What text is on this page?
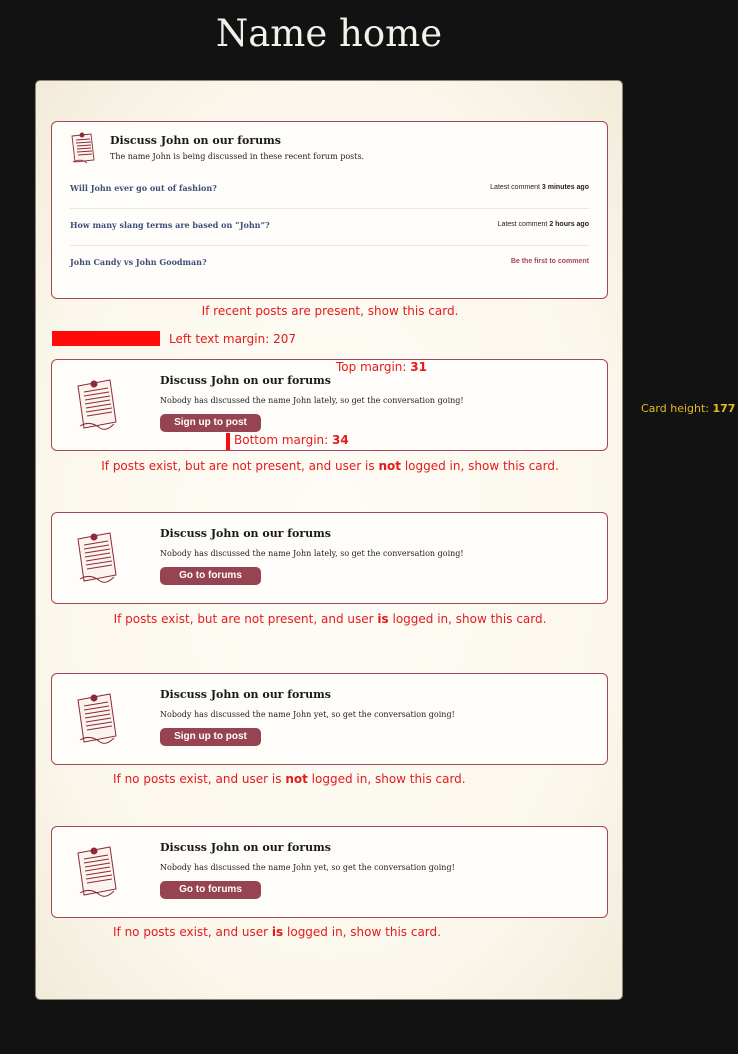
Name home
Card height: 177
Discuss John on our forums
The name John is being discussed in these recent forum posts.
Will John ever go out of fashion?	Latest comment 3 minutes ago
How many slang terms are based on “John”?	Latest comment 2 hours ago
John Candy vs John Goodman?	Be the first to comment
If recent posts are present, show this card.
Left text margin: 207
Top margin: 31
Discuss John on our forums
Nobody has discussed the name John lately, so get the conversation going!
Sign up to post
Bottom margin: 34
If posts exist, but are not present, and user is not logged in, show this card.
Discuss John on our forums
Nobody has discussed the name John lately, so get the conversation going!
Go to forums
If posts exist, but are not present, and user is logged in, show this card.
Discuss John on our forums
Nobody has discussed the name John yet, so get the conversation going!
Sign up to post
If no posts exist, and user is not logged in, show this card.
Discuss John on our forums
Nobody has discussed the name John yet, so get the conversation going!
Go to forums
If no posts exist, and user is logged in, show this card.
